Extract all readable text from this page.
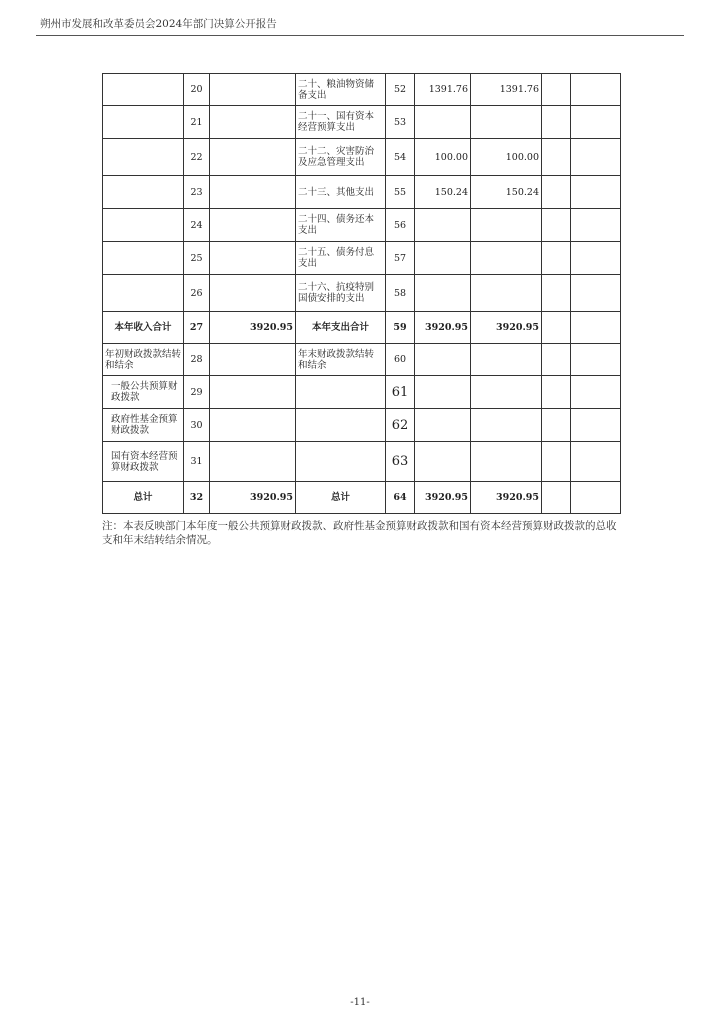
朔州市发展和改革委员会2024年部门决算公开报告
	20		二十、粮油物资储备支出	52	1391.76	1391.76		
	21		二十一、国有资本经营预算支出	53				
	22		二十二、灾害防治及应急管理支出	54	100.00	100.00		
	23		二十三、其他支出	55	150.24	150.24		
	24		二十四、债务还本支出	56				
	25		二十五、债务付息支出	57				
	26		二十六、抗疫特别国债安排的支出	58				
本年收入合计	27	3920.95	本年支出合计	59	3920.95	3920.95		
年初财政拨款结转和结余	28		年末财政拨款结转和结余	60				
一般公共预算财政拨款	29			61				
政府性基金预算财政拨款	30			62				
国有资本经营预算财政拨款	31			63				
总计	32	3920.95	总计	64	3920.95	3920.95		
注：本表反映部门本年度一般公共预算财政拨款、政府性基金预算财政拨款和国有资本经营预算财政拨款的总收支和年末结转结余情况。
-11-
